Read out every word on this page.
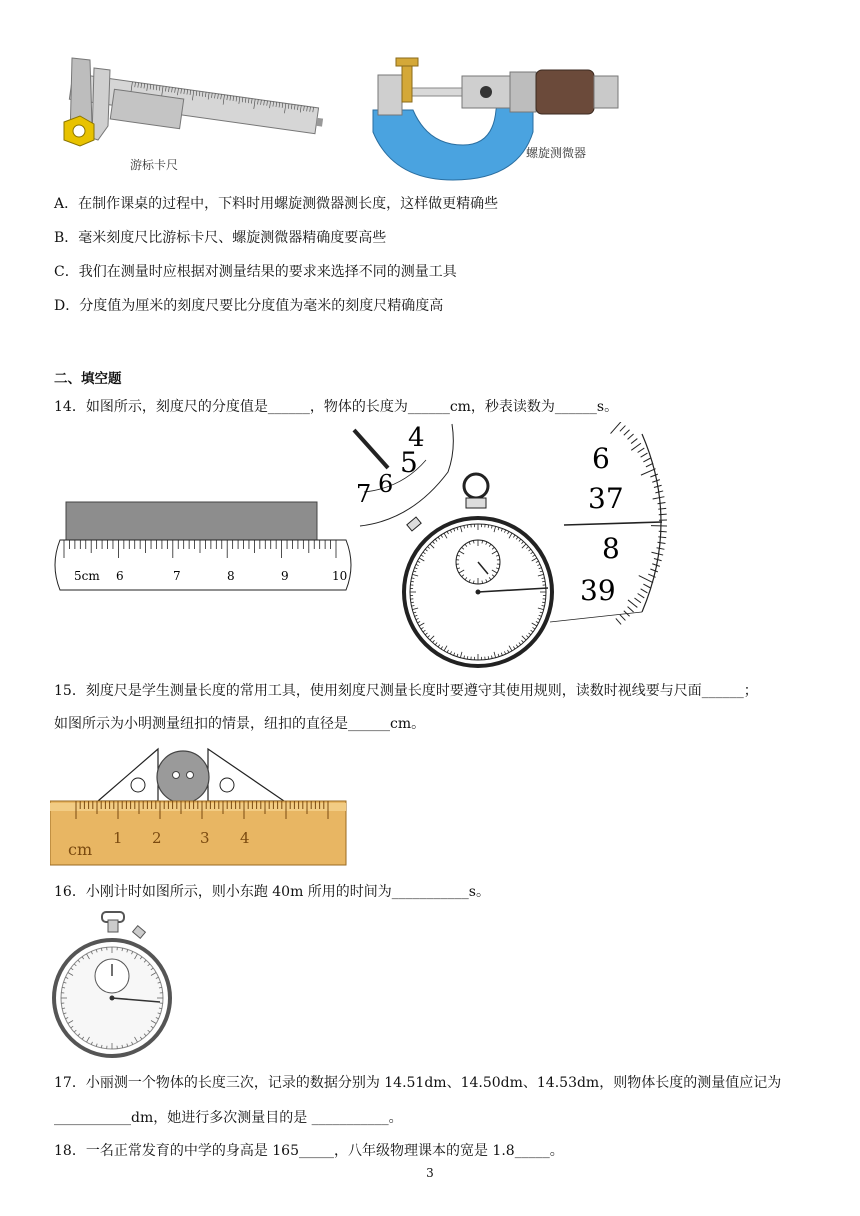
游标卡尺
螺旋测微器
A．在制作课桌的过程中，下料时用螺旋测微器测长度，这样做更精确些
B．毫米刻度尺比游标卡尺、螺旋测微器精确度要高些
C．我们在测量时应根据对测量结果的要求来选择不同的测量工具
D．分度值为厘米的刻度尺要比分度值为毫米的刻度尺精确度高
二、填空题
14．如图所示，刻度尺的分度值是______，物体的长度为______cm，秒表读数为______s。
5cm 6	7	8	9	10
4
5
6
7
6
37
8
39
15．刻度尺是学生测量长度的常用工具，使用刻度尺测量长度时要遵守其使用规则，读数时视线要与尺面______；
如图所示为小明测量纽扣的情景，纽扣的直径是______cm。
cm
1 2	3 4
16．小刚计时如图所示，则小东跑 40m 所用的时间为___________s。
17．小丽测一个物体的长度三次，记录的数据分别为 14.51dm、14.50dm、14.53dm，则物体长度的测量值应记为
___________dm，她进行多次测量目的是 ___________。
18．一名正常发育的中学的身高是 165_____，八年级物理课本的宽是 1.8_____。
3
